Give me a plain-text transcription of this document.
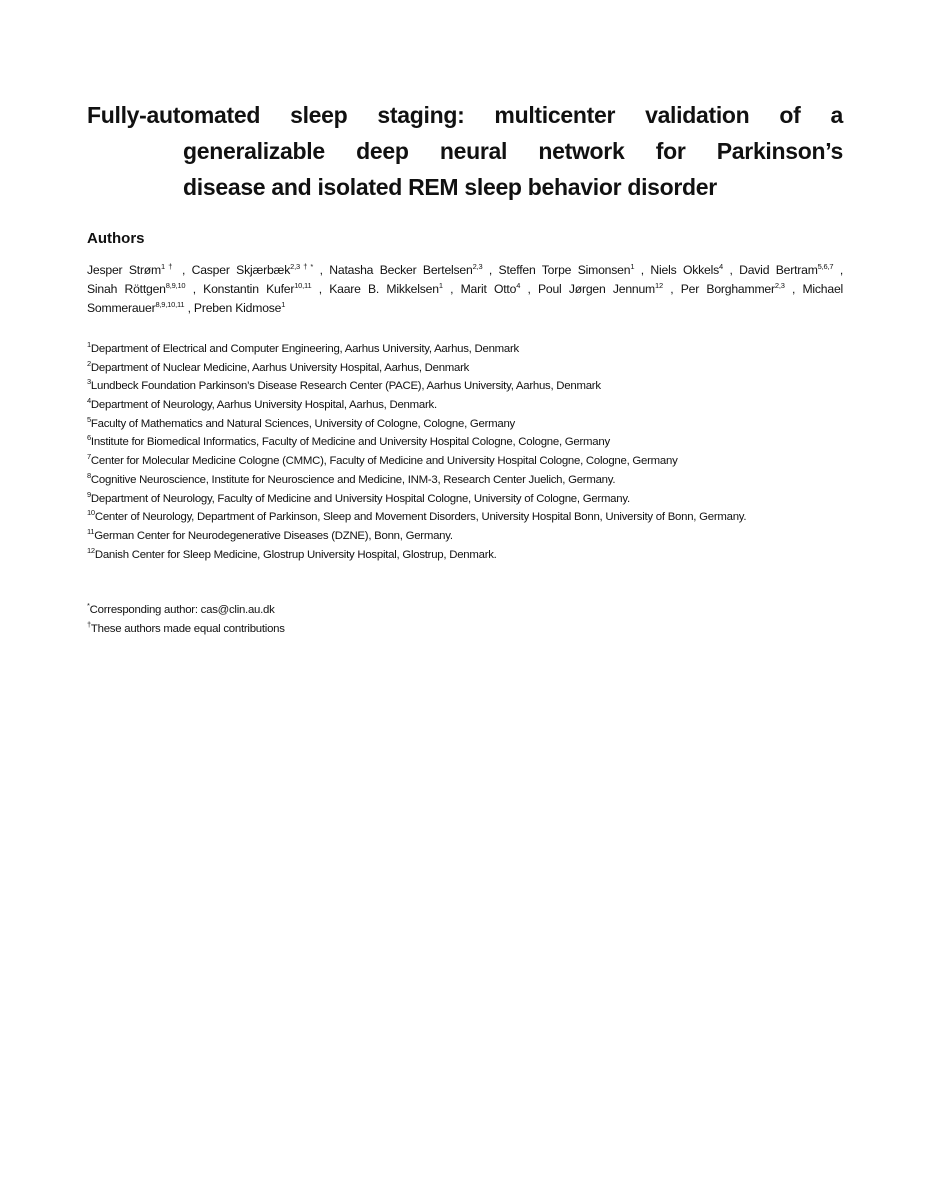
Fully-automated sleep staging: multicenter validation of a
generalizable deep neural network for Parkinson’s
disease and isolated REM sleep behavior disorder
Authors
Jesper Strøm$^{1\dagger}$ , Casper Skjærbæk$^{2,3\dagger*}$ , Natasha Becker Bertelsen$^{2,3}$ , Steffen Torpe Simonsen$^1$ , Niels Okkels$^4$ , David Bertram$^{5,6,7}$ ,
Sinah Röttgen$^{8,9,10}$ , Konstantin Kufer$^{10,11}$ , Kaare B. Mikkelsen$^1$ , Marit Otto$^4$ , Poul Jørgen Jennum$^{12}$ , Per Borghammer$^{2,3}$ , Michael
Sommerauer$^{8,9,10,11}$ , Preben Kidmose$^1$
$^1$Department of Electrical and Computer Engineering, Aarhus University, Aarhus, Denmark
$^2$Department of Nuclear Medicine, Aarhus University Hospital, Aarhus, Denmark
$^3$Lundbeck Foundation Parkinson’s Disease Research Center (PACE), Aarhus University, Aarhus, Denmark
$^4$Department of Neurology, Aarhus University Hospital, Aarhus, Denmark.
$^5$Faculty of Mathematics and Natural Sciences, University of Cologne, Cologne, Germany
$^6$Institute for Biomedical Informatics, Faculty of Medicine and University Hospital Cologne, Cologne, Germany
$^7$Center for Molecular Medicine Cologne (CMMC), Faculty of Medicine and University Hospital Cologne, Cologne, Germany
$^8$Cognitive Neuroscience, Institute for Neuroscience and Medicine, INM-3, Research Center Juelich, Germany.
$^9$Department of Neurology, Faculty of Medicine and University Hospital Cologne, University of Cologne, Germany.
$^{10}$Center of Neurology, Department of Parkinson, Sleep and Movement Disorders, University Hospital Bonn, University of Bonn, Germany.
$^{11}$German Center for Neurodegenerative Diseases (DZNE), Bonn, Germany.
$^{12}$Danish Center for Sleep Medicine, Glostrup University Hospital, Glostrup, Denmark.
*Corresponding author: cas@clin.au.dk
†These authors made equal contributions
